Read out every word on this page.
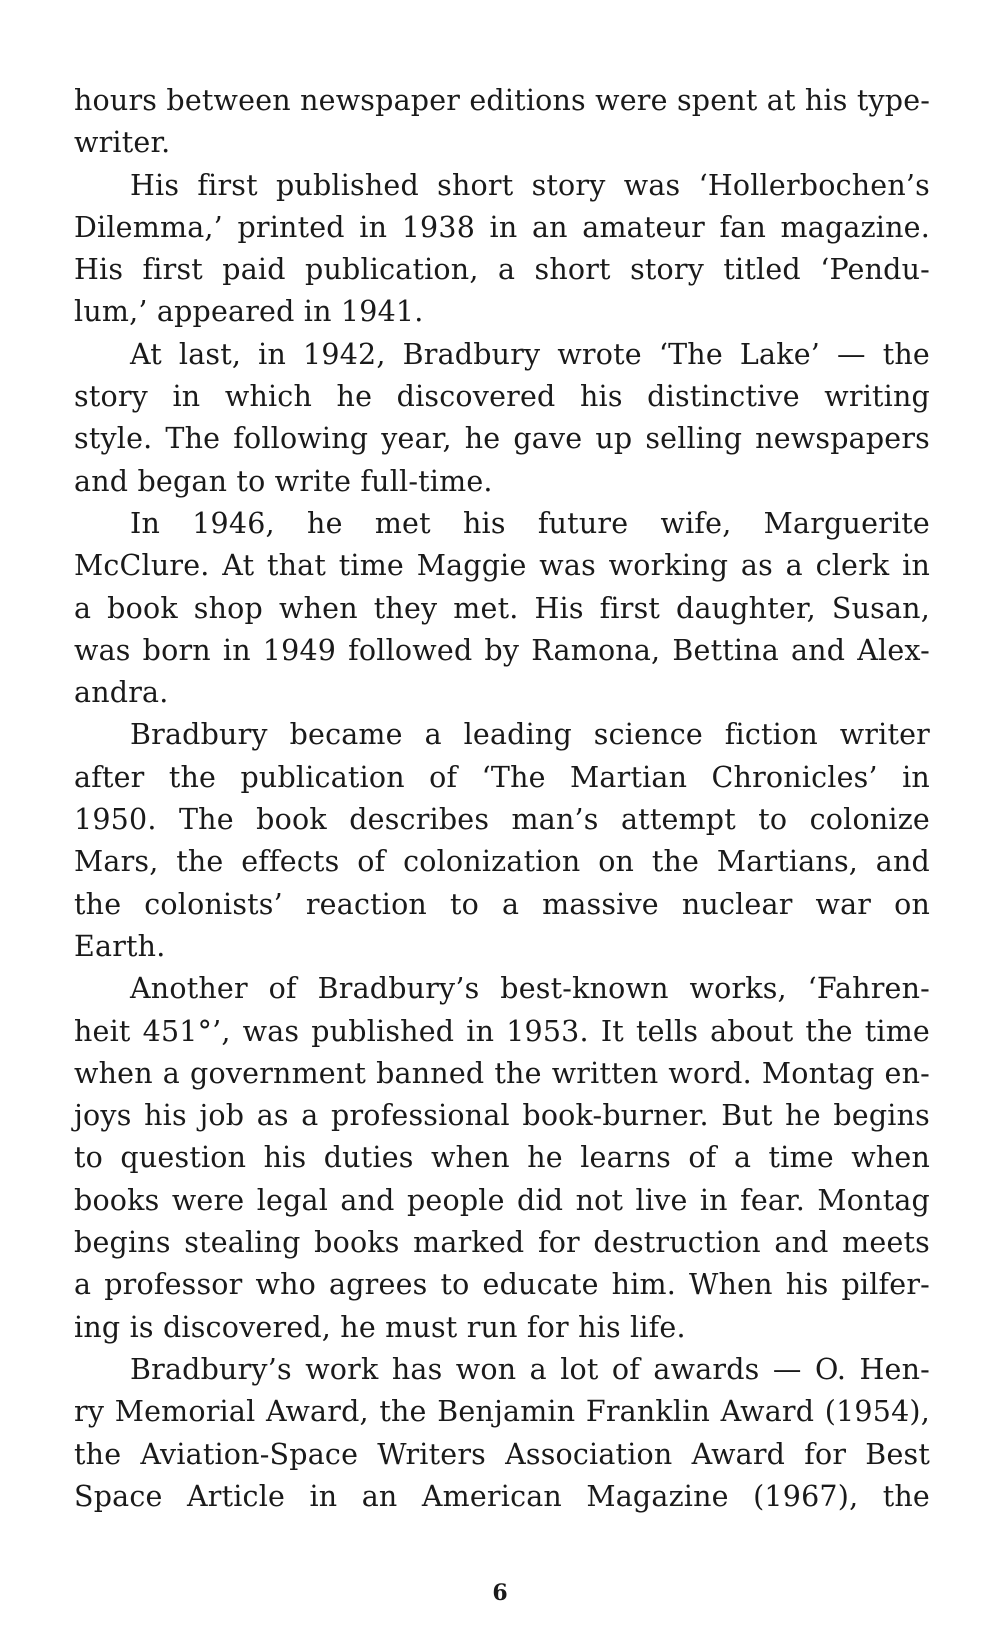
hours between newspaper editions were spent at his type-
writer.
His first published short story was ‘Hollerbochen’s
Dilemma,’ printed in 1938 in an amateur fan magazine.
His first paid publication, a short story titled ‘Pendu-
lum,’ appeared in 1941.
At last, in 1942, Bradbury wrote ‘The Lake’ — the
story in which he discovered his distinctive writing
style. The following year, he gave up selling newspapers
and began to write full-time.
In 1946, he met his future wife, Marguerite
McClure. At that time Maggie was working as a clerk in
a book shop when they met. His first daughter, Susan,
was born in 1949 followed by Ramona, Bettina and Alex-
andra.
Bradbury became a leading science fiction writer
after the publication of ‘The Martian Chronicles’ in
1950. The book describes man’s attempt to colonize
Mars, the effects of colonization on the Martians, and
the colonists’ reaction to a massive nuclear war on
Earth.
Another of Bradbury’s best-known works, ‘Fahren-
heit 451°’, was published in 1953. It tells about the time
when a government banned the written word. Montag en-
joys his job as a professional book-burner. But he begins
to question his duties when he learns of a time when
books were legal and people did not live in fear. Montag
begins stealing books marked for destruction and meets
a professor who agrees to educate him. When his pilfer-
ing is discovered, he must run for his life.
Bradbury’s work has won a lot of awards — O. Hen-
ry Memorial Award, the Benjamin Franklin Award (1954),
the Aviation-Space Writers Association Award for Best
Space Article in an American Magazine (1967), the
6
